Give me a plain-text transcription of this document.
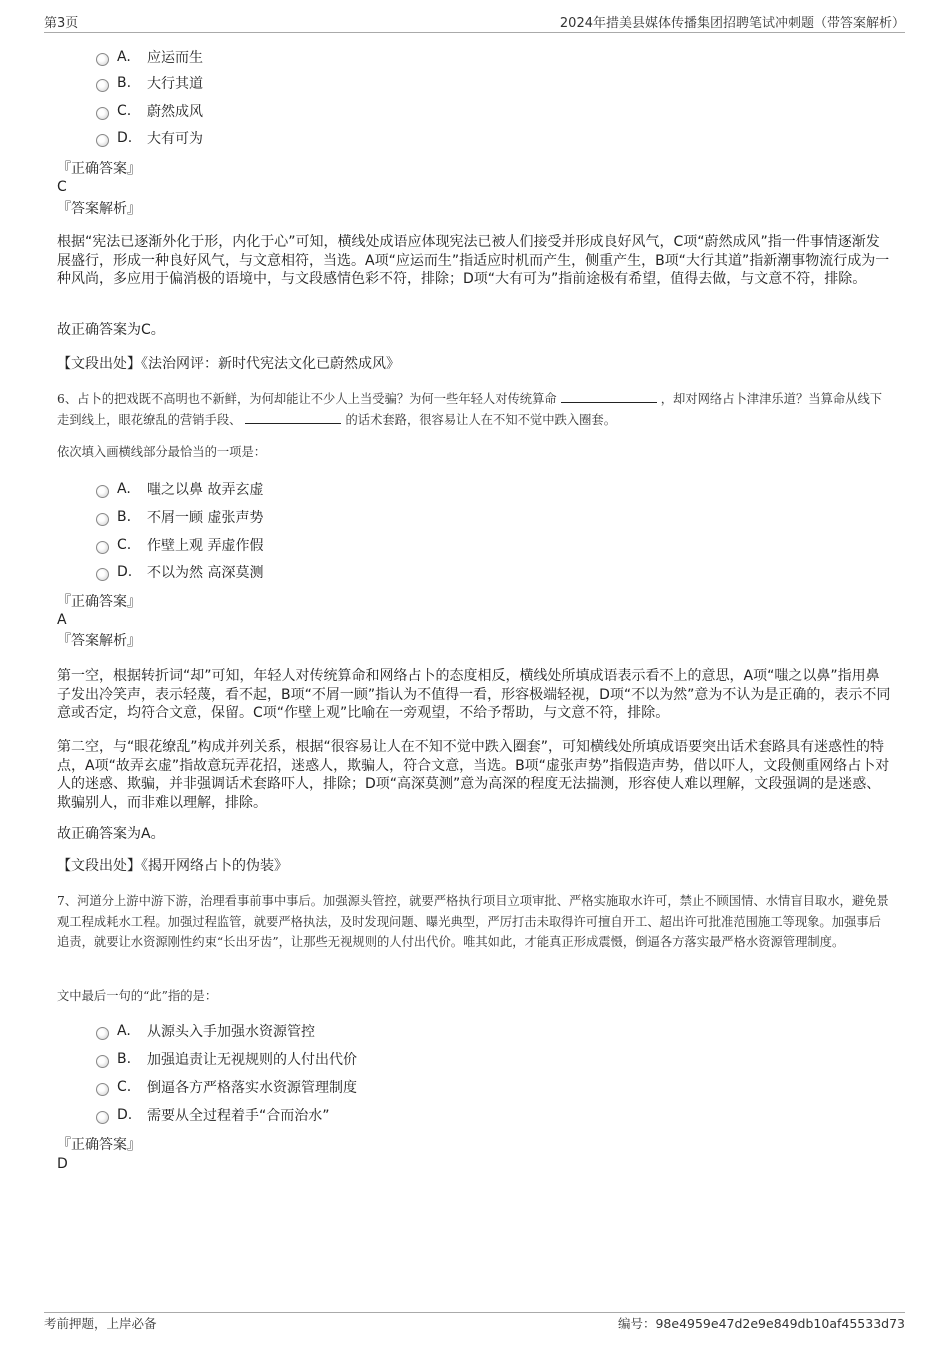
第3页	2024年措美县媒体传播集团招聘笔试冲刺题（带答案解析）
A.	应运而生
B.	大行其道
C.	蔚然成风
D.	大有可为
『正确答案』
C
『答案解析』
根据“宪法已逐渐外化于形，内化于心”可知，横线处成语应体现宪法已被人们接受并形成良好风气，C项“蔚然成风”指一件事情逐渐发展盛行，形成一种良好风气，与文意相符，当选。A项“应运而生”指适应时机而产生，侧重产生，B项“大行其道”指新潮事物流行成为一种风尚，多应用于偏消极的语境中，与文段感情色彩不符，排除；D项“大有可为”指前途极有希望，值得去做，与文意不符，排除。
故正确答案为C。
【文段出处】《法治网评：新时代宪法文化已蔚然成风》
6、占卜的把戏既不高明也不新鲜，为何却能让不少人上当受骗？为何一些年轻人对传统算命	，却对网络占卜津津乐道？当算命从线下走到线上，眼花缭乱的营销手段、	的话术套路，很容易让人在不知不觉中跌入圈套。
依次填入画横线部分最恰当的一项是：
A.	嗤之以鼻 故弄玄虚
B.	不屑一顾 虚张声势
C.	作壁上观 弄虚作假
D.	不以为然 高深莫测
『正确答案』
A
『答案解析』
第一空，根据转折词“却”可知，年轻人对传统算命和网络占卜的态度相反，横线处所填成语表示看不上的意思，A项“嗤之以鼻”指用鼻子发出冷笑声，表示轻蔑，看不起，B项“不屑一顾”指认为不值得一看，形容极端轻视，D项“不以为然”意为不认为是正确的，表示不同意或否定，均符合文意，保留。C项“作壁上观”比喻在一旁观望，不给予帮助，与文意不符，排除。
第二空，与“眼花缭乱”构成并列关系，根据“很容易让人在不知不觉中跌入圈套”，可知横线处所填成语要突出话术套路具有迷惑性的特点，A项“故弄玄虚”指故意玩弄花招，迷惑人，欺骗人，符合文意，当选。B项“虚张声势”指假造声势，借以吓人，文段侧重网络占卜对人的迷惑、欺骗，并非强调话术套路吓人，排除；D项“高深莫测”意为高深的程度无法揣测，形容使人难以理解，文段强调的是迷惑、欺骗别人，而非难以理解，排除。
故正确答案为A。
【文段出处】《揭开网络占卜的伪装》
7、河道分上游中游下游，治理看事前事中事后。加强源头管控，就要严格执行项目立项审批、严格实施取水许可，禁止不顾国情、水情盲目取水，避免景观工程成耗水工程。加强过程监管，就要严格执法，及时发现问题、曝光典型，严厉打击未取得许可擅自开工、超出许可批准范围施工等现象。加强事后追责，就要让水资源刚性约束“长出牙齿”，让那些无视规则的人付出代价。唯其如此，才能真正形成震慑，倒逼各方落实最严格水资源管理制度。
文中最后一句的“此”指的是：
A.	从源头入手加强水资源管控
B.	加强追责让无视规则的人付出代价
C.	倒逼各方严格落实水资源管理制度
D.	需要从全过程着手“合而治水”
『正确答案』
D
考前押题，上岸必备	编号：98e4959e47d2e9e849db10af45533d73
